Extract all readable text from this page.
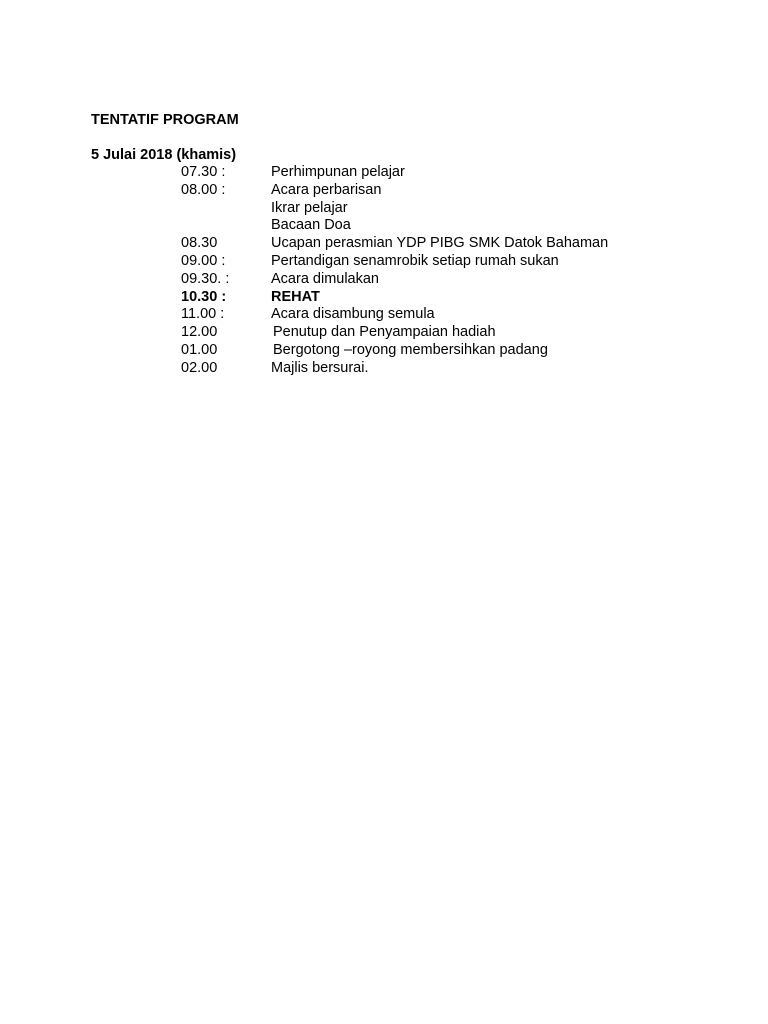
TENTATIF PROGRAM
5 Julai 2018 (khamis)
07.30 :	Perhimpunan pelajar
08.00 :	Acara perbarisan
Ikrar pelajar
Bacaan Doa
08.30	Ucapan perasmian YDP PIBG SMK Datok Bahaman
09.00 :	Pertandigan senamrobik setiap rumah sukan
09.30. :	Acara dimulakan
10.30 :	REHAT
11.00 :	Acara disambung semula
12.00	Penutup dan Penyampaian hadiah
01.00	Bergotong –royong membersihkan padang
02.00	Majlis bersurai.
